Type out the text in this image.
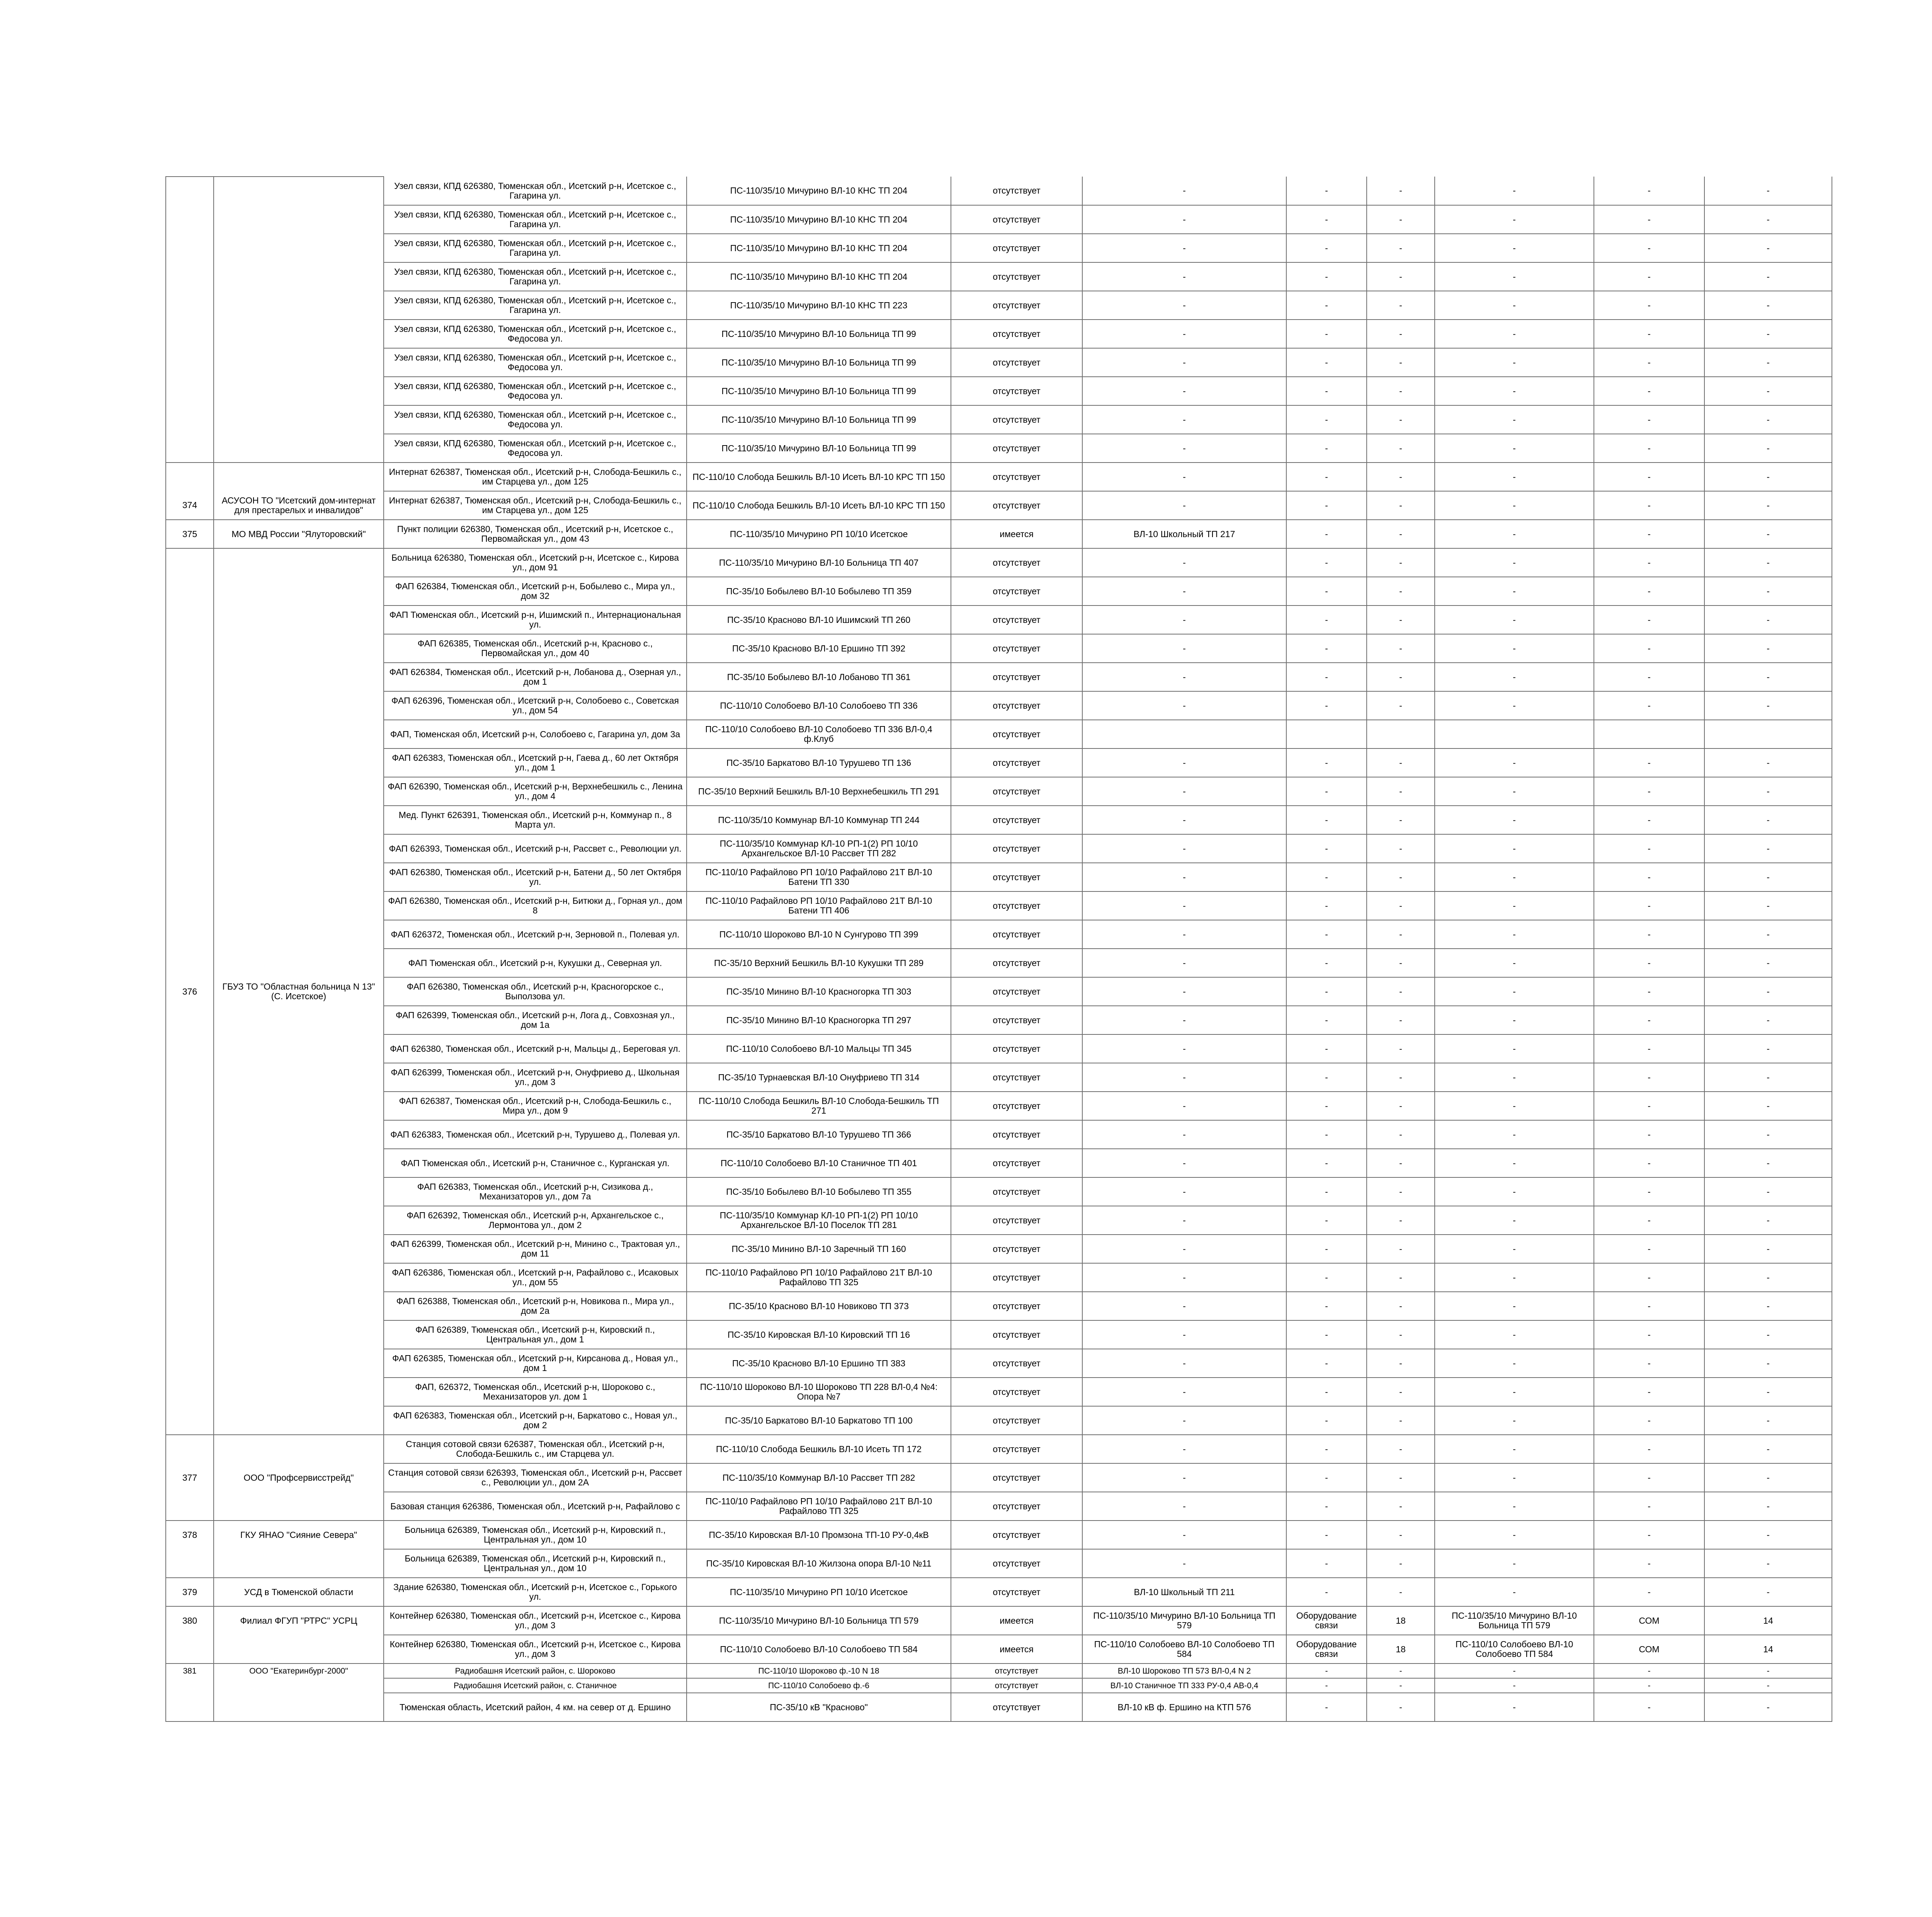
		Узел связи, КПД 626380, Тюменская обл., Исетский р-н, Исетское с., Гагарина ул.	ПС-110/35/10 Мичурино ВЛ-10 КНС ТП 204	отсутствует	-	-	-	-	-	-
		Узел связи, КПД 626380, Тюменская обл., Исетский р-н, Исетское с., Гагарина ул.	ПС-110/35/10 Мичурино ВЛ-10 КНС ТП 204	отсутствует	-	-	-	-	-	-
		Узел связи, КПД 626380, Тюменская обл., Исетский р-н, Исетское с., Гагарина ул.	ПС-110/35/10 Мичурино ВЛ-10 КНС ТП 204	отсутствует	-	-	-	-	-	-
		Узел связи, КПД 626380, Тюменская обл., Исетский р-н, Исетское с., Гагарина ул.	ПС-110/35/10 Мичурино ВЛ-10 КНС ТП 204	отсутствует	-	-	-	-	-	-
		Узел связи, КПД 626380, Тюменская обл., Исетский р-н, Исетское с., Гагарина ул.	ПС-110/35/10 Мичурино ВЛ-10 КНС ТП 223	отсутствует	-	-	-	-	-	-
		Узел связи, КПД 626380, Тюменская обл., Исетский р-н, Исетское с., Федосова ул.	ПС-110/35/10 Мичурино ВЛ-10 Больница ТП 99	отсутствует	-	-	-	-	-	-
		Узел связи, КПД 626380, Тюменская обл., Исетский р-н, Исетское с., Федосова ул.	ПС-110/35/10 Мичурино ВЛ-10 Больница ТП 99	отсутствует	-	-	-	-	-	-
		Узел связи, КПД 626380, Тюменская обл., Исетский р-н, Исетское с., Федосова ул.	ПС-110/35/10 Мичурино ВЛ-10 Больница ТП 99	отсутствует	-	-	-	-	-	-
		Узел связи, КПД 626380, Тюменская обл., Исетский р-н, Исетское с., Федосова ул.	ПС-110/35/10 Мичурино ВЛ-10 Больница ТП 99	отсутствует	-	-	-	-	-	-
		Узел связи, КПД 626380, Тюменская обл., Исетский р-н, Исетское с., Федосова ул.	ПС-110/35/10 Мичурино ВЛ-10 Больница ТП 99	отсутствует	-	-	-	-	-	-
		Интернат 626387, Тюменская обл., Исетский р-н, Слобода-Бешкиль с., им Старцева ул., дом 125	ПС-110/10 Слобода Бешкиль ВЛ-10 Исеть ВЛ-10 КРС ТП 150	отсутствует	-	-	-	-	-	-
374	АСУСОН ТО "Исетский дом-интернат для престарелых и инвалидов"	Интернат 626387, Тюменская обл., Исетский р-н, Слобода-Бешкиль с., им Старцева ул., дом 125	ПС-110/10 Слобода Бешкиль ВЛ-10 Исеть ВЛ-10 КРС ТП 150	отсутствует	-	-	-	-	-	-
375	МО МВД России "Ялуторовский"	Пункт полиции 626380, Тюменская обл., Исетский р-н, Исетское с., Первомайская ул., дом 43	ПС-110/35/10 Мичурино РП 10/10 Исетское	имеется	ВЛ-10 Школьный ТП 217	-	-	-	-	-
		Больница 626380, Тюменская обл., Исетский р-н, Исетское с., Кирова ул., дом 91	ПС-110/35/10 Мичурино ВЛ-10 Больница ТП 407	отсутствует	-	-	-	-	-	-
		ФАП 626384, Тюменская обл., Исетский р-н, Бобылево с., Мира ул., дом 32	ПС-35/10 Бобылево ВЛ-10 Бобылево ТП 359	отсутствует	-	-	-	-	-	-
		ФАП Тюменская обл., Исетский р-н, Ишимский п., Интернациональная ул.	ПС-35/10 Красново ВЛ-10 Ишимский ТП 260	отсутствует	-	-	-	-	-	-
		ФАП 626385, Тюменская обл., Исетский р-н, Красново с., Первомайская ул., дом 40	ПС-35/10 Красново ВЛ-10 Ершино ТП 392	отсутствует	-	-	-	-	-	-
		ФАП 626384, Тюменская обл., Исетский р-н, Лобанова д., Озерная ул., дом 1	ПС-35/10 Бобылево ВЛ-10 Лобаново ТП 361	отсутствует	-	-	-	-	-	-
		ФАП 626396, Тюменская обл., Исетский р-н, Солобоево с., Советская ул., дом 54	ПС-110/10 Солобоево ВЛ-10 Солобоево ТП 336	отсутствует	-	-	-	-	-	-
		ФАП, Тюменская обл, Исетский р-н, Солобоево с, Гагарина ул, дом 3а	ПС-110/10 Солобоево ВЛ-10 Солобоево ТП 336 ВЛ-0,4 ф.Клуб	отсутствует						
		ФАП 626383, Тюменская обл., Исетский р-н, Гаева д., 60 лет Октября ул., дом 1	ПС-35/10 Баркатово ВЛ-10 Турушево ТП 136	отсутствует	-	-	-	-	-	-
		ФАП 626390, Тюменская обл., Исетский р-н, Верхнебешкиль с., Ленина ул., дом 4	ПС-35/10 Верхний Бешкиль ВЛ-10 Верхнебешкиль ТП 291	отсутствует	-	-	-	-	-	-
		Мед. Пункт 626391, Тюменская обл., Исетский р-н, Коммунар п., 8 Марта ул.	ПС-110/35/10 Коммунар ВЛ-10 Коммунар ТП 244	отсутствует	-	-	-	-	-	-
		ФАП 626393, Тюменская обл., Исетский р-н, Рассвет с., Революции ул.	ПС-110/35/10 Коммунар КЛ-10 РП-1(2) РП 10/10 Архангельское ВЛ-10 Рассвет ТП 282	отсутствует	-	-	-	-	-	-
		ФАП 626380, Тюменская обл., Исетский р-н, Батени д., 50 лет Октября ул.	ПС-110/10 Рафайлово РП 10/10 Рафайлово 21Т ВЛ-10 Батени ТП 330	отсутствует	-	-	-	-	-	-
		ФАП 626380, Тюменская обл., Исетский р-н, Битюки д., Горная ул., дом 8	ПС-110/10 Рафайлово РП 10/10 Рафайлово 21Т ВЛ-10 Батени ТП 406	отсутствует	-	-	-	-	-	-
		ФАП 626372, Тюменская обл., Исетский р-н, Зерновой п., Полевая ул.	ПС-110/10 Шороково ВЛ-10 N Сунгурово ТП 399	отсутствует	-	-	-	-	-	-
		ФАП Тюменская обл., Исетский р-н, Кукушки д., Северная ул.	ПС-35/10 Верхний Бешкиль ВЛ-10 Кукушки ТП 289	отсутствует	-	-	-	-	-	-
376	ГБУЗ ТО "Областная больница N 13" (С. Исетское)	ФАП 626380, Тюменская обл., Исетский р-н, Красногорское с., Выползова ул.	ПС-35/10 Минино ВЛ-10 Красногорка ТП 303	отсутствует	-	-	-	-	-	-
		ФАП 626399, Тюменская обл., Исетский р-н, Лога д., Совхозная ул., дом 1а	ПС-35/10 Минино ВЛ-10 Красногорка ТП 297	отсутствует	-	-	-	-	-	-
		ФАП 626380, Тюменская обл., Исетский р-н, Мальцы д., Береговая ул.	ПС-110/10 Солобоево ВЛ-10 Мальцы ТП 345	отсутствует	-	-	-	-	-	-
		ФАП 626399, Тюменская обл., Исетский р-н, Онуфриево д., Школьная ул., дом 3	ПС-35/10 Турнаевская ВЛ-10 Онуфриево ТП 314	отсутствует	-	-	-	-	-	-
		ФАП 626387, Тюменская обл., Исетский р-н, Слобода-Бешкиль с., Мира ул., дом 9	ПС-110/10 Слобода Бешкиль ВЛ-10 Слобода-Бешкиль ТП 271	отсутствует	-	-	-	-	-	-
		ФАП 626383, Тюменская обл., Исетский р-н, Турушево д., Полевая ул.	ПС-35/10 Баркатово ВЛ-10 Турушево ТП 366	отсутствует	-	-	-	-	-	-
		ФАП Тюменская обл., Исетский р-н, Станичное с., Курганская ул.	ПС-110/10 Солобоево ВЛ-10 Станичное ТП 401	отсутствует	-	-	-	-	-	-
		ФАП 626383, Тюменская обл., Исетский р-н, Сизикова д., Механизаторов ул., дом 7а	ПС-35/10 Бобылево ВЛ-10 Бобылево ТП 355	отсутствует	-	-	-	-	-	-
		ФАП 626392, Тюменская обл., Исетский р-н, Архангельское с., Лермонтова ул., дом 2	ПС-110/35/10 Коммунар КЛ-10 РП-1(2) РП 10/10 Архангельское ВЛ-10 Поселок ТП 281	отсутствует	-	-	-	-	-	-
		ФАП 626399, Тюменская обл., Исетский р-н, Минино с., Трактовая ул., дом 11	ПС-35/10 Минино ВЛ-10 Заречный ТП 160	отсутствует	-	-	-	-	-	-
		ФАП 626386, Тюменская обл., Исетский р-н, Рафайлово с., Исаковых ул., дом 55	ПС-110/10 Рафайлово РП 10/10 Рафайлово 21Т ВЛ-10 Рафайлово ТП 325	отсутствует	-	-	-	-	-	-
		ФАП 626388, Тюменская обл., Исетский р-н, Новикова п., Мира ул., дом 2а	ПС-35/10 Красново ВЛ-10 Новиково ТП 373	отсутствует	-	-	-	-	-	-
		ФАП 626389, Тюменская обл., Исетский р-н, Кировский п., Центральная ул., дом 1	ПС-35/10 Кировская ВЛ-10 Кировский ТП 16	отсутствует	-	-	-	-	-	-
		ФАП 626385, Тюменская обл., Исетский р-н, Кирсанова д., Новая ул., дом 1	ПС-35/10 Красново ВЛ-10 Ершино ТП 383	отсутствует	-	-	-	-	-	-
		ФАП, 626372, Тюменская обл., Исетский р-н, Шороково с., Механизаторов ул. дом 1	ПС-110/10 Шороково ВЛ-10 Шороково ТП 228 ВЛ-0,4 №4: Опора №7	отсутствует	-	-	-	-	-	-
		ФАП 626383, Тюменская обл., Исетский р-н, Баркатово с., Новая ул., дом 2	ПС-35/10 Баркатово ВЛ-10 Баркатово ТП 100	отсутствует	-	-	-	-	-	-
		Станция сотовой связи 626387, Тюменская обл., Исетский р-н, Слобода-Бешкиль с., им Старцева ул.	ПС-110/10 Слобода Бешкиль ВЛ-10 Исеть ТП 172	отсутствует	-	-	-	-	-	-
377	ООО "Профсервисстрейд"	Станция сотовой связи 626393, Тюменская обл., Исетский р-н, Рассвет с., Революции ул., дом 2А	ПС-110/35/10 Коммунар ВЛ-10 Рассвет ТП 282	отсутствует	-	-	-	-	-	-
		Базовая станция 626386, Тюменская обл., Исетский р-н, Рафайлово с	ПС-110/10 Рафайлово РП 10/10 Рафайлово 21Т ВЛ-10 Рафайлово ТП 325	отсутствует	-	-	-	-	-	-
378	ГКУ ЯНАО "Сияние Севера"	Больница 626389, Тюменская обл., Исетский р-н, Кировский п., Центральная ул., дом 10	ПС-35/10 Кировская ВЛ-10 Промзона ТП-10 РУ-0,4кВ	отсутствует	-	-	-	-	-	-
		Больница 626389, Тюменская обл., Исетский р-н, Кировский п., Центральная ул., дом 10	ПС-35/10 Кировская ВЛ-10 Жилзона опора ВЛ-10 №11	отсутствует	-	-	-	-	-	-
379	УСД в Тюменской области	Здание 626380, Тюменская обл., Исетский р-н, Исетское с., Горького ул.	ПС-110/35/10 Мичурино РП 10/10 Исетское	отсутствует	ВЛ-10 Школьный ТП 211	-	-	-	-	-
380	Филиал ФГУП "РТРС" УСРЦ	Контейнер 626380, Тюменская обл., Исетский р-н, Исетское с., Кирова ул., дом 3	ПС-110/35/10 Мичурино ВЛ-10 Больница ТП 579	имеется	ПС-110/35/10 Мичурино ВЛ-10 Больница ТП 579	Оборудование связи	18	ПС-110/35/10 Мичурино ВЛ-10 Больница ТП 579	СОМ	14
		Контейнер 626380, Тюменская обл., Исетский р-н, Исетское с., Кирова ул., дом 3	ПС-110/10 Солобоево ВЛ-10 Солобоево ТП 584	имеется	ПС-110/10 Солобоево ВЛ-10 Солобоево ТП 584	Оборудование связи	18	ПС-110/10 Солобоево ВЛ-10 Солобоево ТП 584	СОМ	14
381	ООО "Екатеринбург-2000"	Радиобашня Исетский район, с. Шороково	ПС-110/10 Шороково ф.-10 N 18	отсутствует	ВЛ-10 Шороково ТП 573 ВЛ-0,4 N 2	-	-	-	-	-
		Радиобашня Исетский район, с. Станичное	ПС-110/10 Солобоево ф.-6	отсутствует	ВЛ-10 Станичное ТП 333 РУ-0,4 АВ-0,4	-	-	-	-	-
		Тюменская область, Исетский район, 4 км. на север от д. Ершино	ПС-35/10 кВ "Красново"	отсутствует	ВЛ-10 кВ ф. Ершино на КТП 576	-	-	-	-	-
